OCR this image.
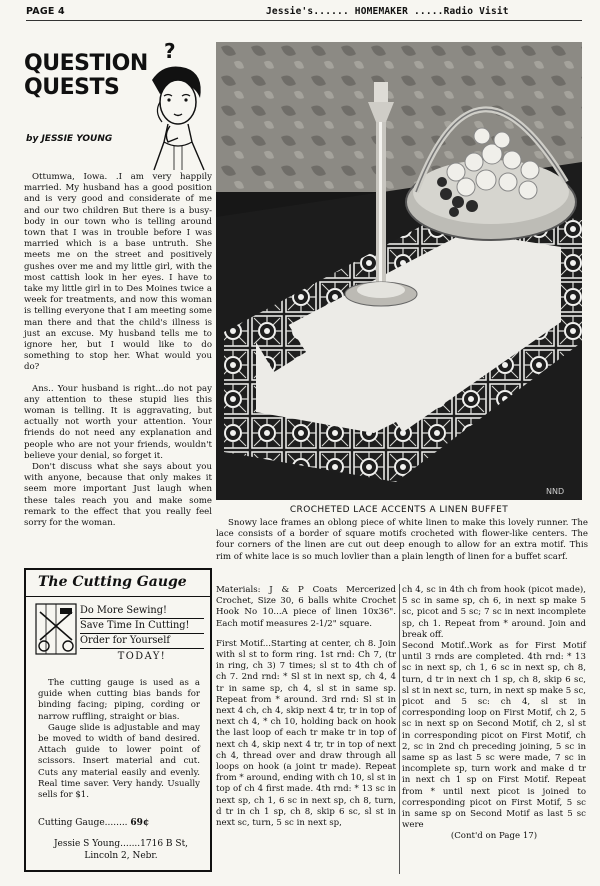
PAGE 4	Jessie's...... HOMEMAKER .....Radio Visit
QUESTION
QUESTS
by JESSIE YOUNG
?

Ottumwa, Iowa. .I am very happily married. My husband has a good position and is very good and considerate of me and our two children But there is a busy-body in our town who is telling around town that I was in trouble before I was married which is a base untruth. She meets me on the street and positively gushes over me and my little girl, with the most cattish look in her eyes. I have to take my little girl in to Des Moines twice a week for treatments, and now this woman is telling everyone that I am meeting some man there and that the child's illness is just an excuse. My husband tells me to ignore her, but I would like to do something to stop her. What would you do?

Ans.. Your husband is right...do not pay any attention to these stupid lies this woman is telling. It is aggravating, but actually not worth your attention. Your friends do not need any explanation and people who are not your friends, wouldn't believe your denial, so forget it.

Don't discuss what she says about you with anyone, because that only makes it seem more important Just laugh when these tales reach you and make some remark to the effect that you really feel sorry for the woman.

NND
CROCHETED LACE ACCENTS A LINEN BUFFET

Snowy lace frames an oblong piece of white linen to make this lovely runner. The lace consists of a border of square motifs crocheted with flower-like centers. The four corners of the linen are cut out deep enough to allow for an extra motif. This rim of white lace is so much lovlier than a plain length of linen for a buffet scarf.

The Cutting Gauge
Do More Sewing!
Save Time In Cutting!
Order for Yourself
TODAY!

The cutting gauge is used as a guide when cutting bias bands for binding facing; piping, cording or narrow ruffling, straight or bias.

Gauge slide is adjustable and may be moved to width of band desired. Attach guide to lower point of scissors. Insert material and cut. Cuts any material easily and evenly. Real time saver. Very handy. Usually sells for $1.

Cutting Gauge........ 69¢
Jessie S Young.......1716 B St,
Lincoln 2, Nebr.

Materials: J & P Coats Mercerized Crochet, Size 30, 6 balls white Crochet Hook No 10...A piece of linen 10x36". Each motif measures 2-1/2" square.

First Motif...Starting at center, ch 8. Join with sl st to form ring. 1st rnd: Ch 7, (tr in ring, ch 3) 7 times; sl st to 4th ch of ch 7. 2nd rnd: * Sl st in next sp, ch 4, 4 tr in same sp, ch 4, sl st in same sp. Repeat from * around. 3rd rnd: Sl st in next 4 ch, ch 4, skip next 4 tr, tr in top of next ch 4, * ch 10, holding back on hook the last loop of each tr make tr in top of next ch 4, skip next 4 tr, tr in top of next ch 4, thread over and draw through all loops on hook (a joint tr made). Repeat from * around, ending with ch 10, sl st in top of ch 4 first made. 4th rnd: * 13 sc in next sp, ch 1, 6 sc in next sp, ch 8, turn, d tr in ch 1 sp, ch 8, skip 6 sc, sl st in next sc, turn, 5 sc in next sp,

ch 4, sc in 4th ch from hook (picot made), 5 sc in same sp, ch 6, in next sp make 5 sc, picot and 5 sc; 7 sc in next incomplete sp, ch 1. Repeat from * around. Join and break off.

Second Motif..Work as for First Motif until 3 rnds are completed. 4th rnd: * 13 sc in next sp, ch 1, 6 sc in next sp, ch 8, turn, d tr in next ch 1 sp, ch 8, skip 6 sc, sl st in next sc, turn, in next sp make 5 sc, picot and 5 sc: ch 4, sl st in corresponding loop on First Motif, ch 2, 5 sc in next sp on Second Motif, ch 2, sl st in corresponding picot on First Motif, ch 2, sc in 2nd ch preceding joining, 5 sc in same sp as last 5 sc were made, 7 sc in incomplete sp, turn work and make d tr in next ch 1 sp on First Motif. Repeat from * until next picot is joined to corresponding picot on First Motif, 5 sc in same sp on Second Motif as last 5 sc were

(Cont'd on Page 17)
